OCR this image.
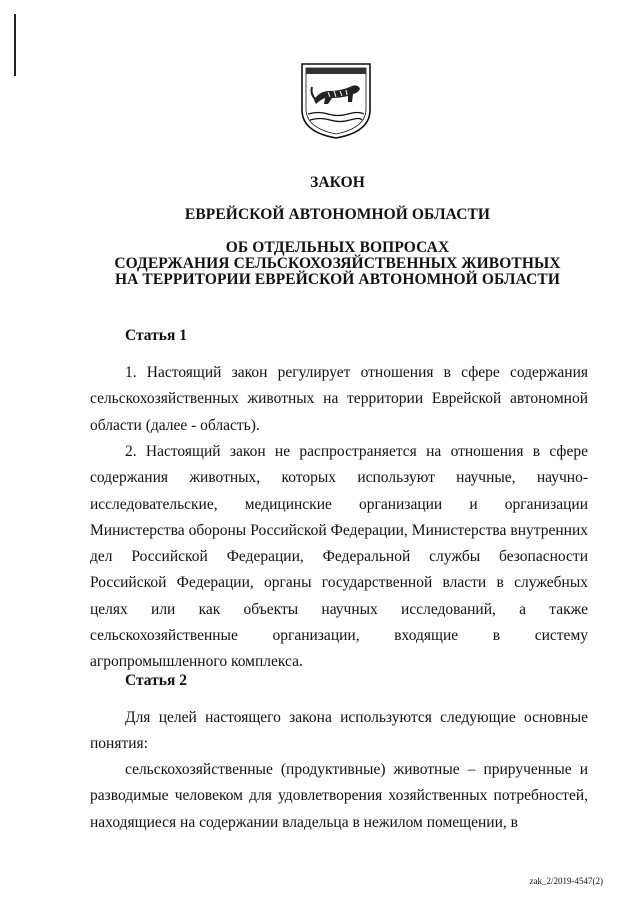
ЗАКОН
ЕВРЕЙСКОЙ АВТОНОМНОЙ ОБЛАСТИ
ОБ ОТДЕЛЬНЫХ ВОПРОСАХ
СОДЕРЖАНИЯ СЕЛЬСКОХОЗЯЙСТВЕННЫХ ЖИВОТНЫХ
НА ТЕРРИТОРИИ ЕВРЕЙСКОЙ АВТОНОМНОЙ ОБЛАСТИ
Статья 1

1. Настоящий закон регулирует отношения в сфере содержания сельскохозяйственных животных на территории Еврейской автономной области (далее - область).

2. Настоящий закон не распространяется на отношения в сфере содержания животных, которых используют научные, научно-исследовательские, медицинские организации и организации Министерства обороны Российской Федерации, Министерства внутренних дел Российской Федерации, Федеральной службы безопасности Российской Федерации, органы государственной власти в служебных целях или как объекты научных исследований, а также сельскохозяйственные организации, входящие в систему агропромышленного комплекса.

Статья 2

Для целей настоящего закона используются следующие основные понятия:

сельскохозяйственные (продуктивные) животные – прирученные и разводимые человеком для удовлетворения хозяйственных потребностей, находящиеся на содержании владельца в нежилом помещении, в

zak_2/2019-4547(2)
